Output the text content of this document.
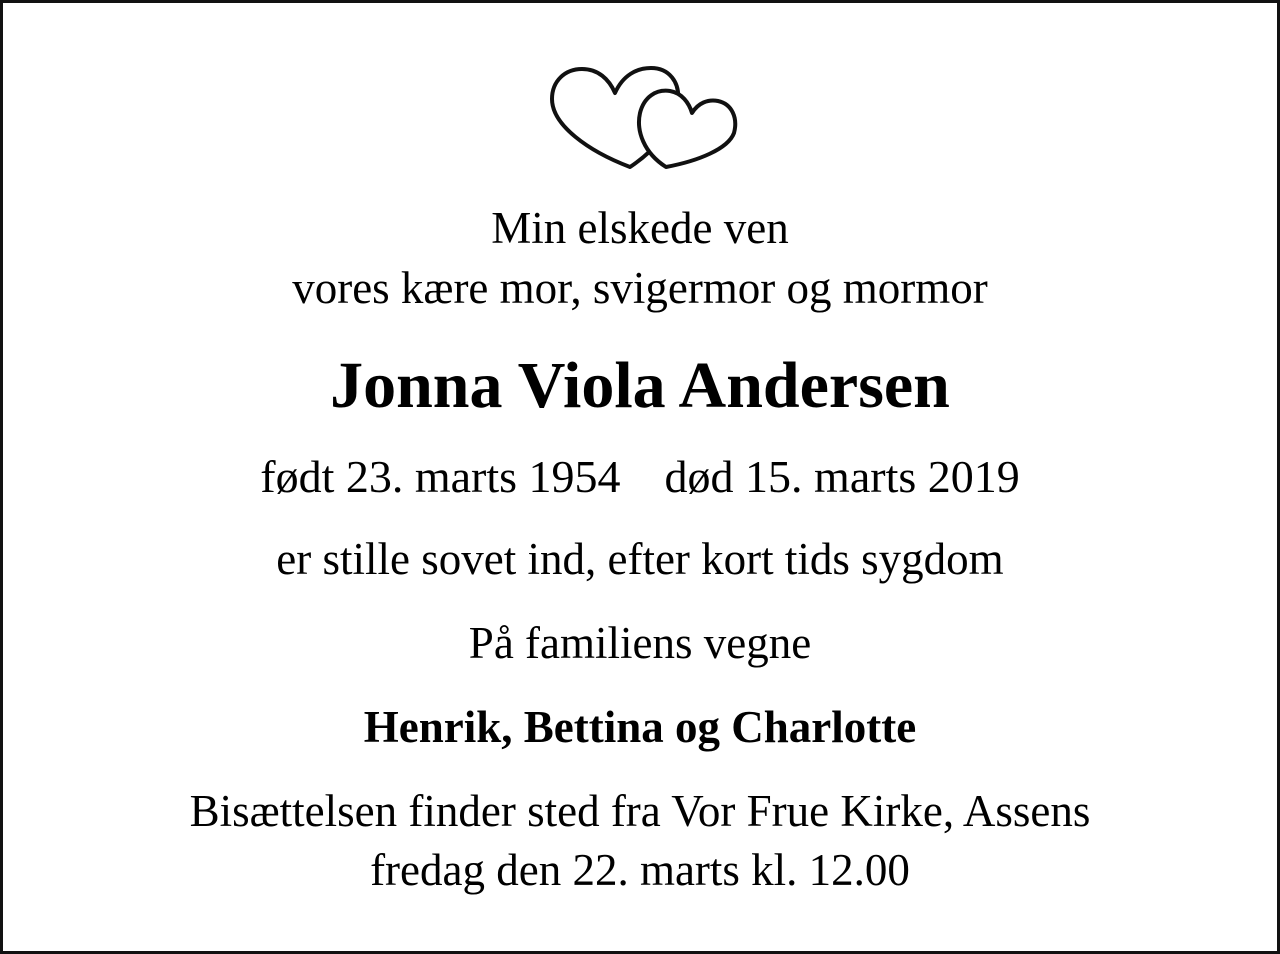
Min elskede ven
vores kære mor, svigermor og mormor
Jonna Viola Andersen
født 23. marts 1954 død 15. marts 2019
er stille sovet ind, efter kort tids sygdom
På familiens vegne
Henrik, Bettina og Charlotte
Bisættelsen finder sted fra Vor Frue Kirke, Assens
fredag den 22. marts kl. 12.00
